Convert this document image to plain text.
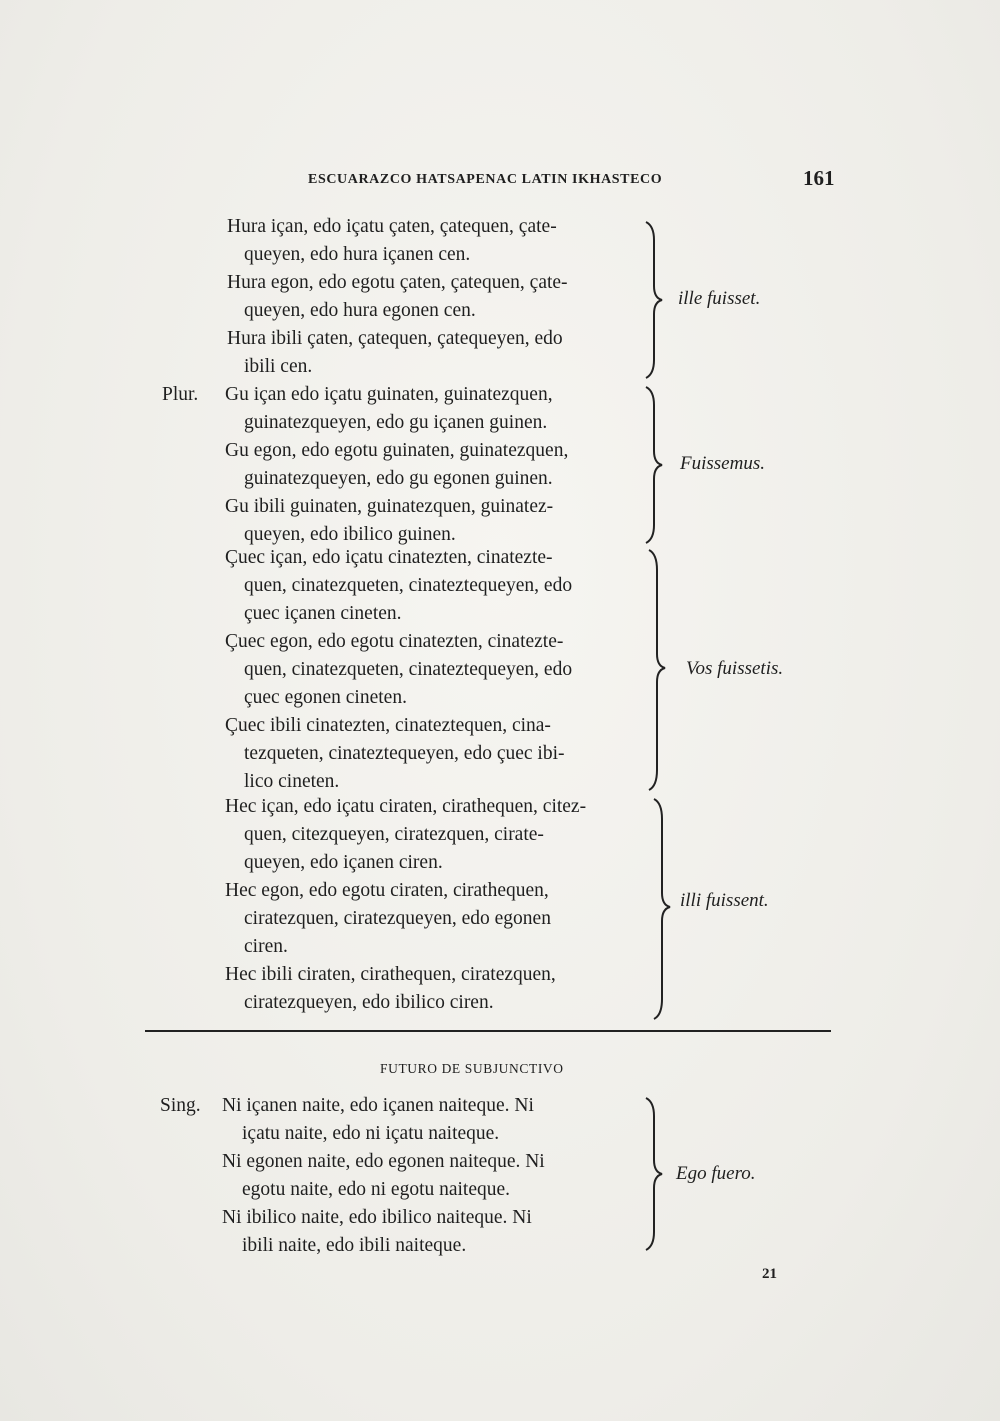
ESCUARAZCO HATSAPENAC LATIN IKHASTECO	161
Hura içan, edo içatu çaten, çatequen, çate-
queyen, edo hura içanen cen.
Hura egon, edo egotu çaten, çatequen, çate-
queyen, edo hura egonen cen.
Hura ibili çaten, çatequen, çatequeyen, edo
ibili cen.
ille fuisset.
Plur. Gu içan edo içatu guinaten, guinatezquen,
guinatezqueyen, edo gu içanen guinen.
Gu egon, edo egotu guinaten, guinatezquen,
guinatezqueyen, edo gu egonen guinen.
Gu ibili guinaten, guinatezquen, guinatez-
queyen, edo ibilico guinen.
Fuissemus.
Çuec içan, edo içatu cinatezten, cinatezte-
quen, cinatezqueten, cinateztequeyen, edo
çuec içanen cineten.
Çuec egon, edo egotu cinatezten, cinatezte-
quen, cinatezqueten, cinateztequeyen, edo
çuec egonen cineten.
Çuec ibili cinatezten, cinateztequen, cina-
tezqueten, cinateztequeyen, edo çuec ibi-
lico cineten.
Vos fuissetis.
Hec içan, edo içatu ciraten, cirathequen, citez-
quen, citezqueyen, ciratezquen, cirate-
queyen, edo içanen ciren.
Hec egon, edo egotu ciraten, cirathequen,
ciratezquen, ciratezqueyen, edo egonen
ciren.
Hec ibili ciraten, cirathequen, ciratezquen,
ciratezqueyen, edo ibilico ciren.
illi fuissent.
FUTURO DE SUBJUNCTIVO
Sing. Ni içanen naite, edo içanen naiteque. Ni
içatu naite, edo ni içatu naiteque.
Ni egonen naite, edo egonen naiteque. Ni
egotu naite, edo ni egotu naiteque.
Ni ibilico naite, edo ibilico naiteque. Ni
ibili naite, edo ibili naiteque.
Ego fuero.
21
